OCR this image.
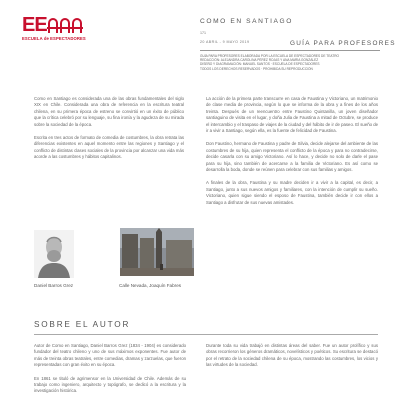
EE
ESCUELA de ESPECTADORES
COMO EN SANTIAGO
171
20 ABRIL - 9 MAYO 2019	GUÍA PARA PROFESORES
GUÍA PARA PROFESORES ELABORADA POR LA ESCUELA DE ESPECTADORES DE TEATRO
REDACCIÓN: ALEJANDRA CAROLINA PÉREZ ROJAS Y ANA MARÍA GONZÁLEZ
DISEÑO Y DIAGRAMACIÓN: MANUEL SANTOS · ESCUELA DE ESPECTADORES
TODOS LOS DERECHOS RESERVADOS · PROHIBIDA SU REPRODUCCIÓN

Como en Santiago es considerada una de las obras fundamentales del siglo XIX en Chile. Considerada una obra de referencia en la escritura teatral chilena, en su primera época de estreno se convirtió en un éxito de público que la crítica celebró por su lenguaje, su fina ironía y la agudeza de su mirada sobre la sociedad de la época.

Escrita en tres actos de formato de comedia de costumbres, la obra retrata las diferencias existentes en aquel momento entre las regiones y Santiago y el conflicto de distintas clases sociales de la provincia por alcanzar una vida más acorde a las costumbres y hábitos capitalinos.

La acción de la primera parte transcurre en casa de Faustina y Victoriano, un matrimonio de clase media de provincia, según lo que se informa de la obra y a fines de los años treinta. Después de un reencuentro entre Faustino Quintanilla, un joven diseñador santiaguino de visita en el lugar, y doña Julia de Faustina a mitad de Octubre, se produce el intercambio y el traspaso de viajes de la ciudad y del hábito de ir de paseo. El sueño de ir a vivir a Santiago, según ella, es la fuente de felicidad de Faustina.

Don Faustino, hermano de Faustina y padre de Silvia, decide alejarse del ambiente de las costumbres de su hija, quien representa el conflicto de la época y para no contradecirse, decide casarla con su amigo Victoriano. Así lo hace, y decide no solo de darle el pase para su hija, sino también de acercarse a la familia de Victoriano. Es así como se desarrolla la boda, donde se reúnen para celebrar con sus familias y amigos.

A finales de la obra, Faustina y su madre deciden ir a vivir a la capital, es decir, a Santiago, junto a sus nuevos amigos y familiares, con la intención de cumplir su sueño. Victoriano, quien sigue siendo el esposo de Faustina, también decide ir con ellos a Santiago a disfrutar de sus nuevas amistades.

Daniel Barros Grez	Calle Nevada, Joaquín Fabres
SOBRE EL AUTOR

Autor de Como en Santiago, Daniel Barros Grez (1834 - 1904) es considerado fundador del teatro chileno y uno de sus máximos exponentes. Fue autor de más de treinta obras teatrales, entre comedias, dramas y zarzuelas, que fueron representadas con gran éxito en su época.

En 1861 se tituló de agrimensor en la Universidad de Chile. Además de su trabajo como ingeniero, arquitecto y topógrafo, se dedicó a la escritura y la investigación histórica.

Durante toda su vida trabajó en distintas áreas del saber. Fue un autor prolífico y sus obras recorrieron los géneros dramáticos, novelísticos y poéticos. Su escritura se destacó por el retrato de la sociedad chilena de su época, mostrando las costumbres, los vicios y las virtudes de la sociedad.
